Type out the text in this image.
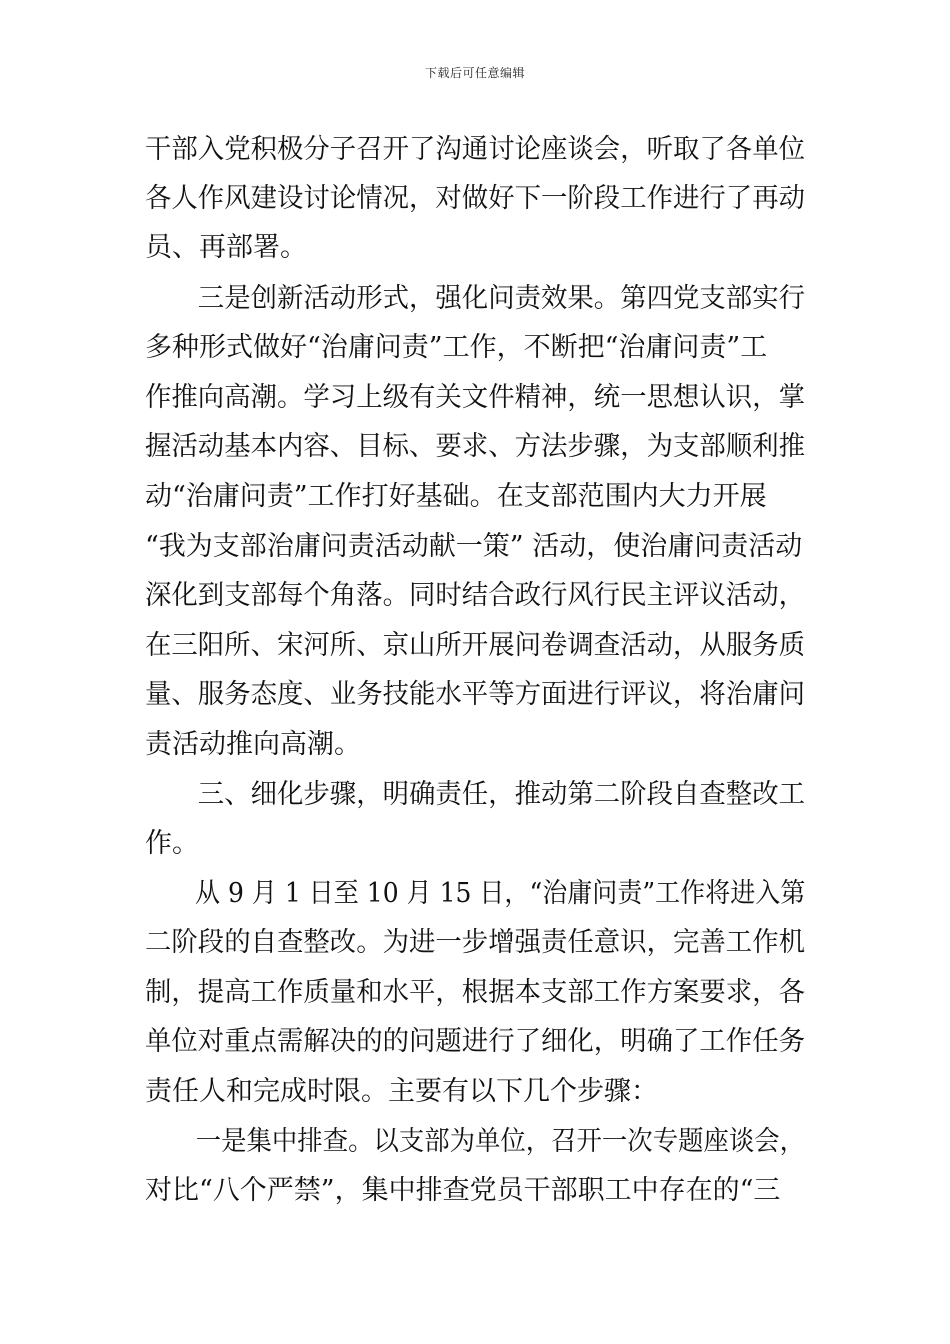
下载后可任意编辑
干部入党积极分子召开了沟通讨论座谈会，听取了各单位
各人作风建设讨论情况，对做好下一阶段工作进行了再动
员、再部署。
　　三是创新活动形式，强化问责效果。第四党支部实行
多种形式做好“治庸问责”工作，不断把“治庸问责”工
作推向高潮。学习上级有关文件精神，统一思想认识，掌
握活动基本内容、目标、要求、方法步骤，为支部顺利推
动“治庸问责”工作打好基础。在支部范围内大力开展
“我为支部治庸问责活动献一策” 活动，使治庸问责活动
深化到支部每个角落。同时结合政行风行民主评议活动，
在三阳所、宋河所、京山所开展问卷调查活动，从服务质
量、服务态度、业务技能水平等方面进行评议，将治庸问
责活动推向高潮。
　　三、细化步骤，明确责任，推动第二阶段自查整改工
作。
　　从 9 月 1 日至 10 月 15 日，“治庸问责”工作将进入第
二阶段的自查整改。为进一步增强责任意识，完善工作机
制，提高工作质量和水平，根据本支部工作方案要求，各
单位对重点需解决的的问题进行了细化，明确了工作任务
责任人和完成时限。主要有以下几个步骤：
　　一是集中排查。以支部为单位，召开一次专题座谈会，
对比“八个严禁”，集中排查党员干部职工中存在的“三
